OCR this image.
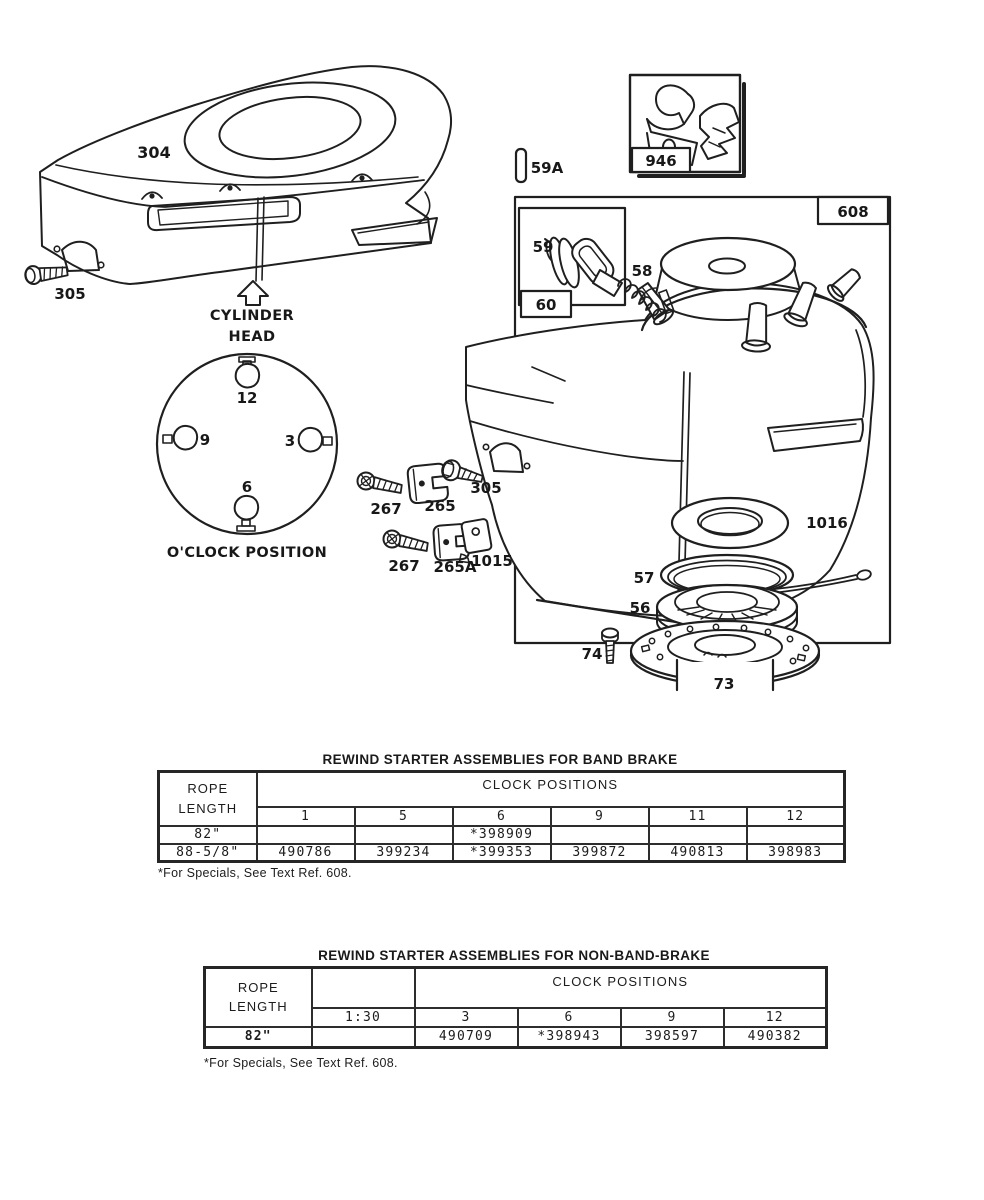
304
305
CYLINDER
HEAD
12
9	3
6
O'CLOCK POSITION
59A	946
60
59
58
608
267 265
305
267 265A
1015
1016
57
56
74
73
REWIND STARTER ASSEMBLIES FOR BAND BRAKE
ROPE
LENGTH	CLOCK POSITIONS					
	1	5	6	9	11	12
82"			*398909			
88-5/8"	490786	399234	*399353	399872	490813	398983
*For Specials, See Text Ref. 608.
REWIND STARTER ASSEMBLIES FOR NON-BAND-BRAKE
ROPE
LENGTH		CLOCK POSITIONS			
	1:30	3	6	9	12
82"		490709	*398943	398597	490382
*For Specials, See Text Ref. 608.
